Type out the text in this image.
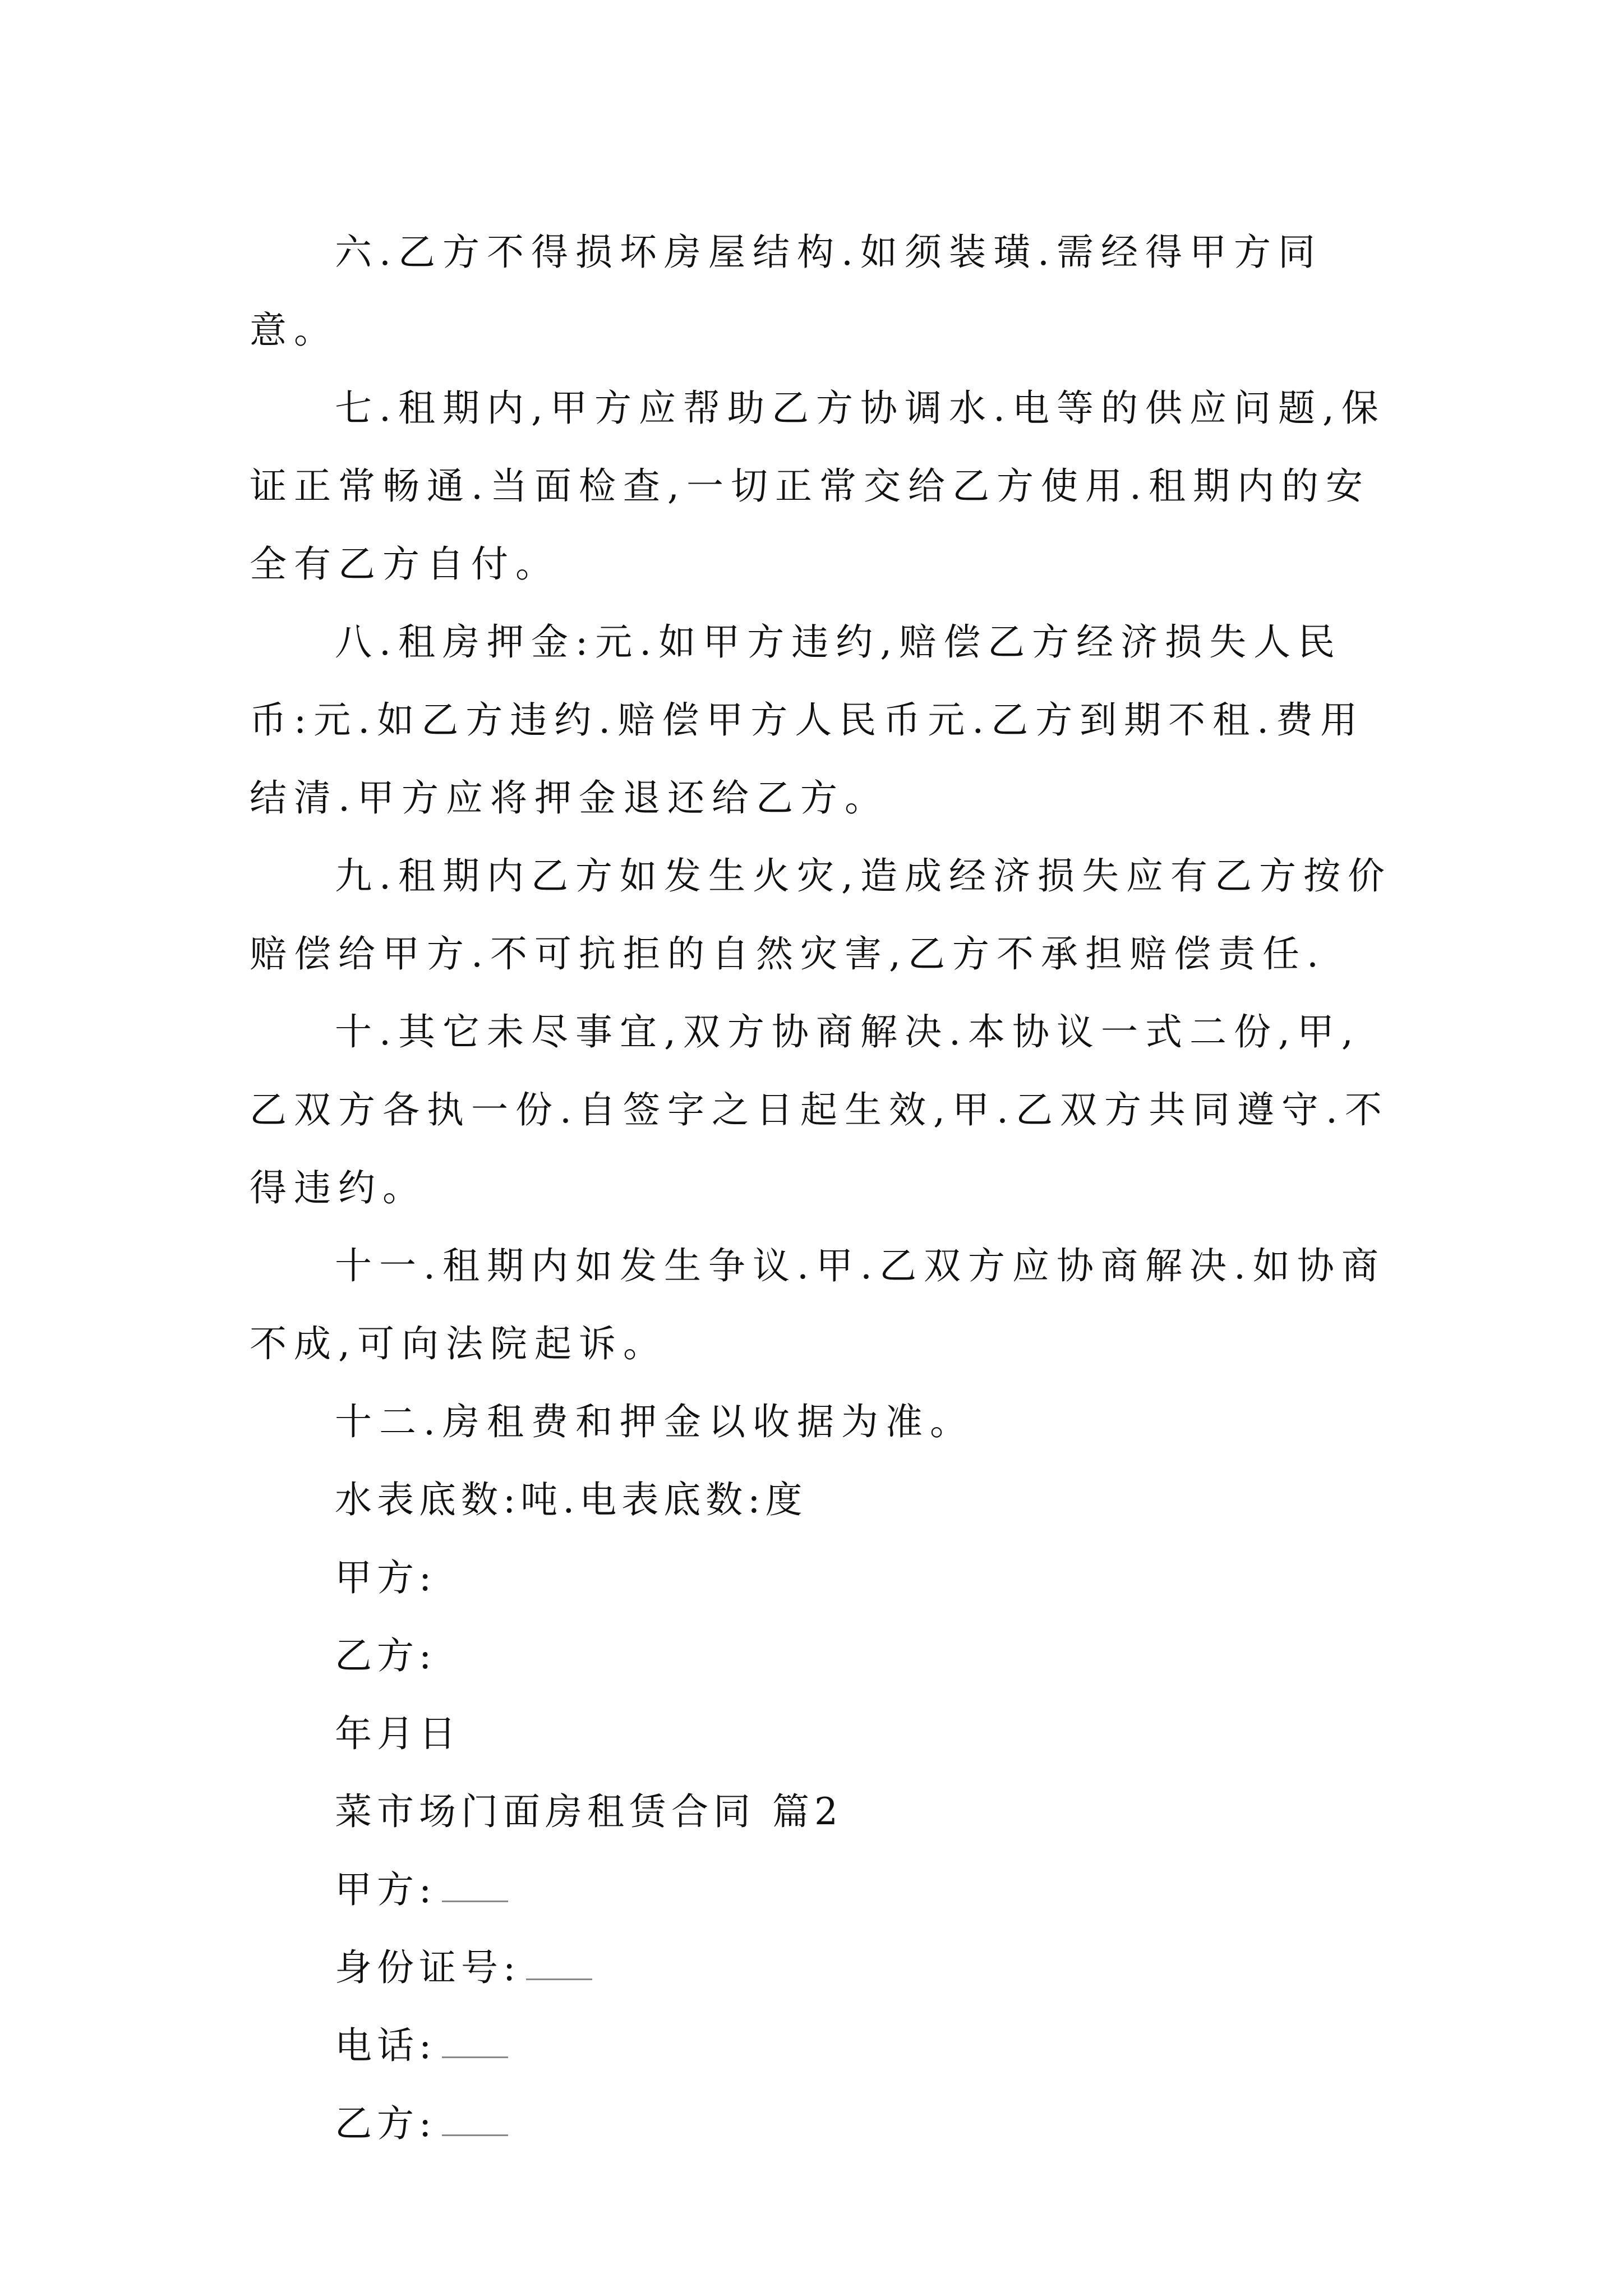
六.乙方不得损坏房屋结构.如须装璜.需经得甲方同意。

七.租期内,甲方应帮助乙方协调水.电等的供应问题,保证正常畅通.当面检查,一切正常交给乙方使用.租期内的安全有乙方自付。

八.租房押金:元.如甲方违约,赔偿乙方经济损失人民币:元.如乙方违约.赔偿甲方人民币元.乙方到期不租.费用结清.甲方应将押金退还给乙方。

九.租期内乙方如发生火灾,造成经济损失应有乙方按价赔偿给甲方.不可抗拒的自然灾害,乙方不承担赔偿责任.

十.其它未尽事宜,双方协商解决.本协议一式二份,甲,乙双方各执一份.自签字之日起生效,甲.乙双方共同遵守.不得违约。

十一.租期内如发生争议.甲.乙双方应协商解决.如协商不成,可向法院起诉。

十二.房租费和押金以收据为准。

水表底数:吨.电表底数:度

甲方:

乙方:

年月日

菜市场门面房租赁合同 篇2

甲方:

身份证号:

电话:

乙方:
